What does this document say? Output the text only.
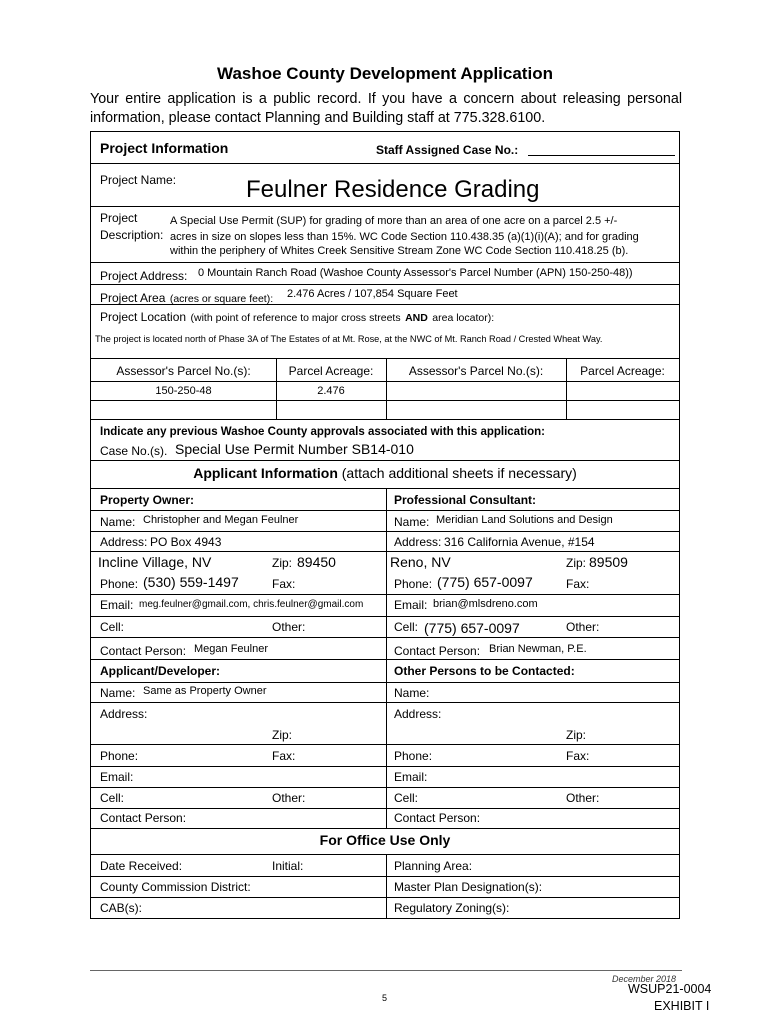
Washoe County Development Application
Your entire application is a public record. If you have a concern about releasing personal information, please contact Planning and Building staff at 775.328.6100.
Project Information	Staff Assigned Case No.:
Project Name:	Feulner Residence Grading
Project
Description:
A Special Use Permit (SUP) for grading of more than an area of one acre on a parcel 2.5 +/-
acres in size on slopes less than 15%. WC Code Section 110.438.35 (a)(1)(i)(A); and for grading
within the periphery of Whites Creek Sensitive Stream Zone WC Code Section 110.418.25 (b).
Project Address: 0 Mountain Ranch Road (Washoe County Assessor's Parcel Number (APN) 150-250-48))
Project Area (acres or square feet): 2.476 Acres / 107,854 Square Feet
Project Location (with point of reference to major cross streets AND area locator):
The project is located north of Phase 3A of The Estates of at Mt. Rose, at the NWC of Mt. Ranch Road / Crested Wheat Way.
Assessor's Parcel No.(s):	Parcel Acreage:	Assessor's Parcel No.(s):	Parcel Acreage:
150-250-48	2.476
Indicate any previous Washoe County approvals associated with this application:
Case No.(s). Special Use Permit Number SB14-010
Applicant Information (attach additional sheets if necessary)
Property Owner:	Professional Consultant:
Name: Christopher and Megan Feulner	Name: Meridian Land Solutions and Design
Address: PO Box 4943	Address: 316 California Avenue, #154
Incline Village, NV	Zip: 89450	Reno, NV	Zip: 89509
Phone: (530) 559-1497	Fax:	Phone: (775) 657-0097	Fax:
Email: meg.feulner@gmail.com, chris.feulner@gmail.com	Email: brian@mlsdreno.com
Cell:	Other:	Cell: (775) 657-0097	Other:
Contact Person: Megan Feulner	Contact Person: Brian Newman, P.E.
Applicant/Developer:	Other Persons to be Contacted:
Name: Same as Property Owner	Name:
Address:	Address:
Zip:	Zip:
Phone:	Fax:	Phone:	Fax:
Email:	Email:
Cell:	Other:	Cell:	Other:
Contact Person:	Contact Person:
For Office Use Only
Date Received:	Initial:	Planning Area:
County Commission District:	Master Plan Designation(s):
CAB(s):	Regulatory Zoning(s):
December 2018
5
WSUP21-0004
EXHIBIT I
